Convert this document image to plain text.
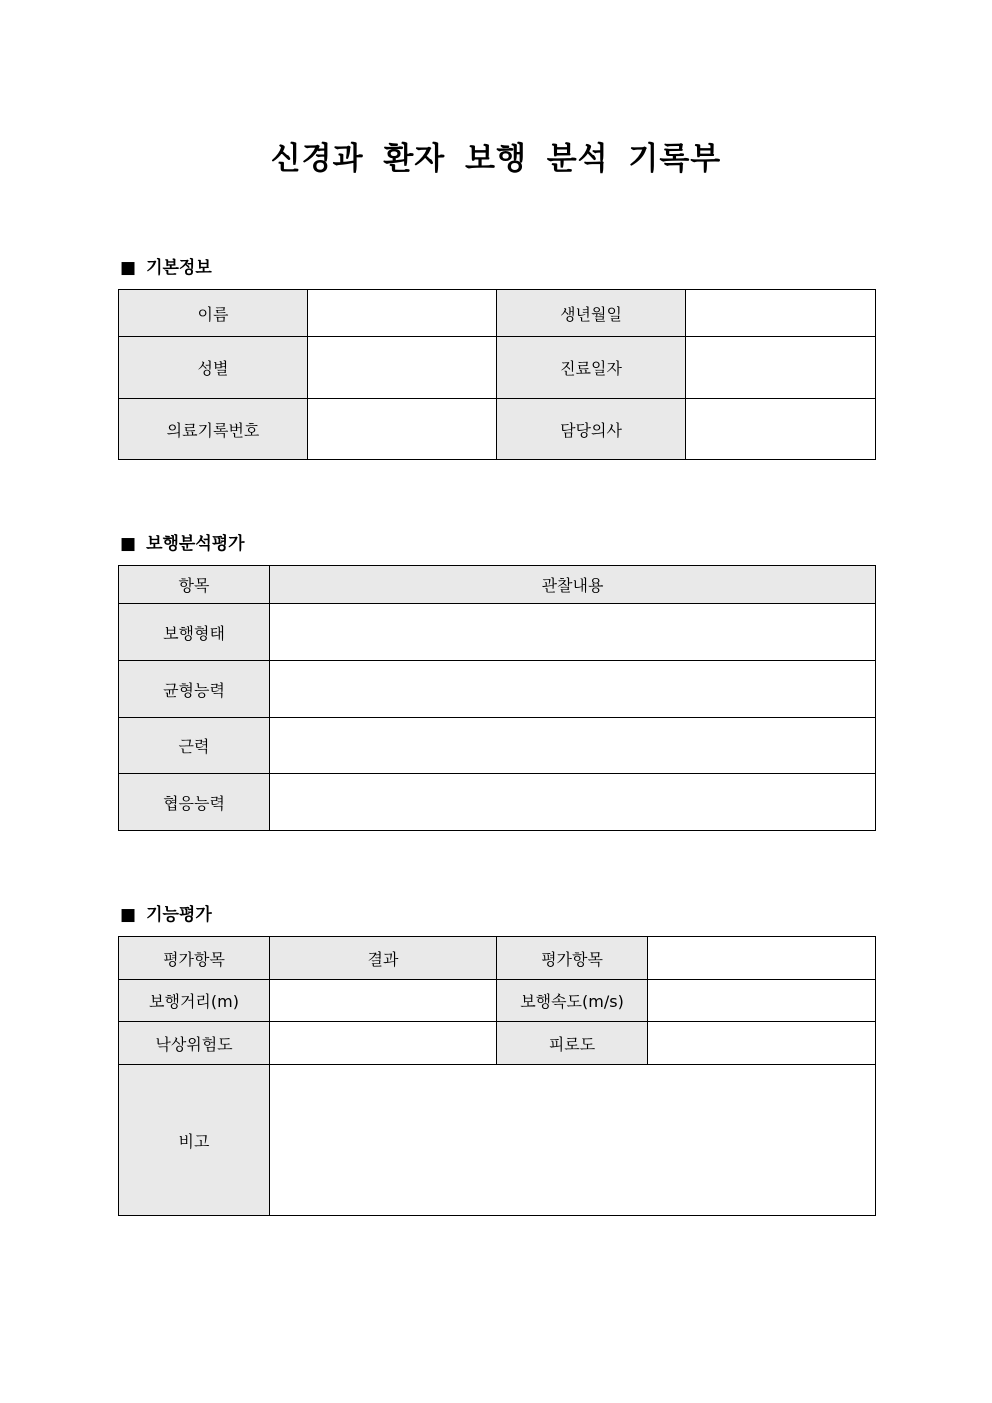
신경과 환자 보행 분석 기록부
■ 기본정보
이름		생년월일	
성별		진료일자	
의료기록번호		담당의사	
■ 보행분석평가
항목	관찰내용
보행형태	
균형능력	
근력	
협응능력	
■ 기능평가
평가항목	결과	평가항목	
보행거리(m)		보행속도(m/s)	
낙상위험도		피로도	
비고			
